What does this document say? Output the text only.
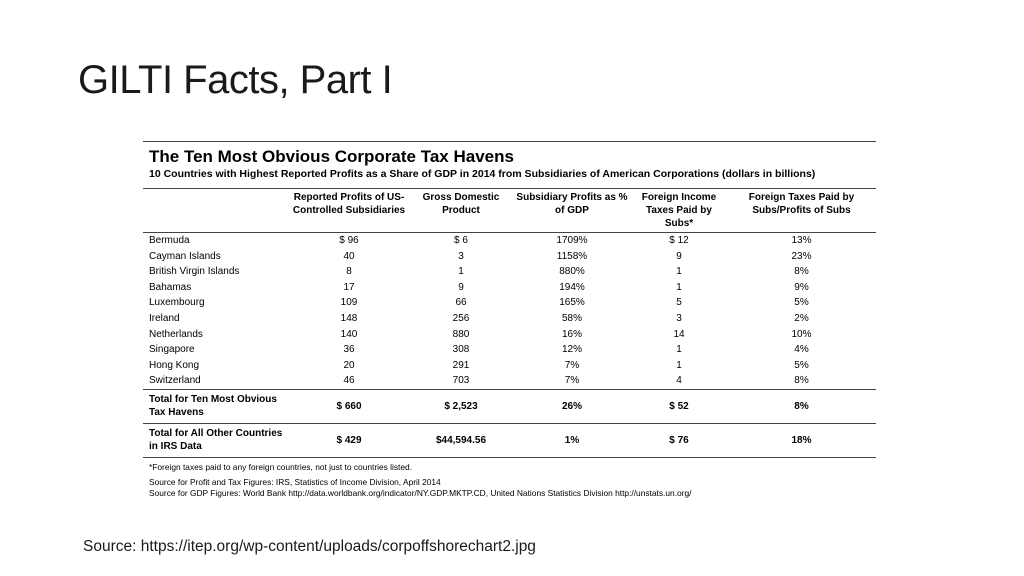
GILTI Facts, Part I
The Ten Most Obvious Corporate Tax Havens
10 Countries with Highest Reported Profits as a Share of GDP in 2014 from Subsidiaries of American Corporations (dollars in billions)
	Reported Profits of US-Controlled Subsidiaries	Gross Domestic Product	Subsidiary Profits as % of GDP	Foreign Income Taxes Paid by Subs*	Foreign Taxes Paid by Subs/Profits of Subs
Bermuda	$ 96	$ 6	1709%	$ 12	13%
Cayman Islands	40	3	1158%	9	23%
British Virgin Islands	8	1	880%	1	8%
Bahamas	17	9	194%	1	9%
Luxembourg	109	66	165%	5	5%
Ireland	148	256	58%	3	2%
Netherlands	140	880	16%	14	10%
Singapore	36	308	12%	1	4%
Hong Kong	20	291	7%	1	5%
Switzerland	46	703	7%	4	8%
Total for Ten Most Obvious Tax Havens	$ 660	$ 2,523	26%	$ 52	8%
Total for All Other Countries in IRS Data	$ 429	$44,594.56	1%	$ 76	18%
*Foreign taxes paid to any foreign countries, not just to countries listed.
Source for Profit and Tax Figures: IRS, Statistics of Income Division, April 2014
Source for GDP Figures: World Bank http://data.worldbank.org/indicator/NY.GDP.MKTP.CD, United Nations Statistics Division http://unstats.un.org/
Source: https://itep.org/wp-content/uploads/corpoffshorechart2.jpg
